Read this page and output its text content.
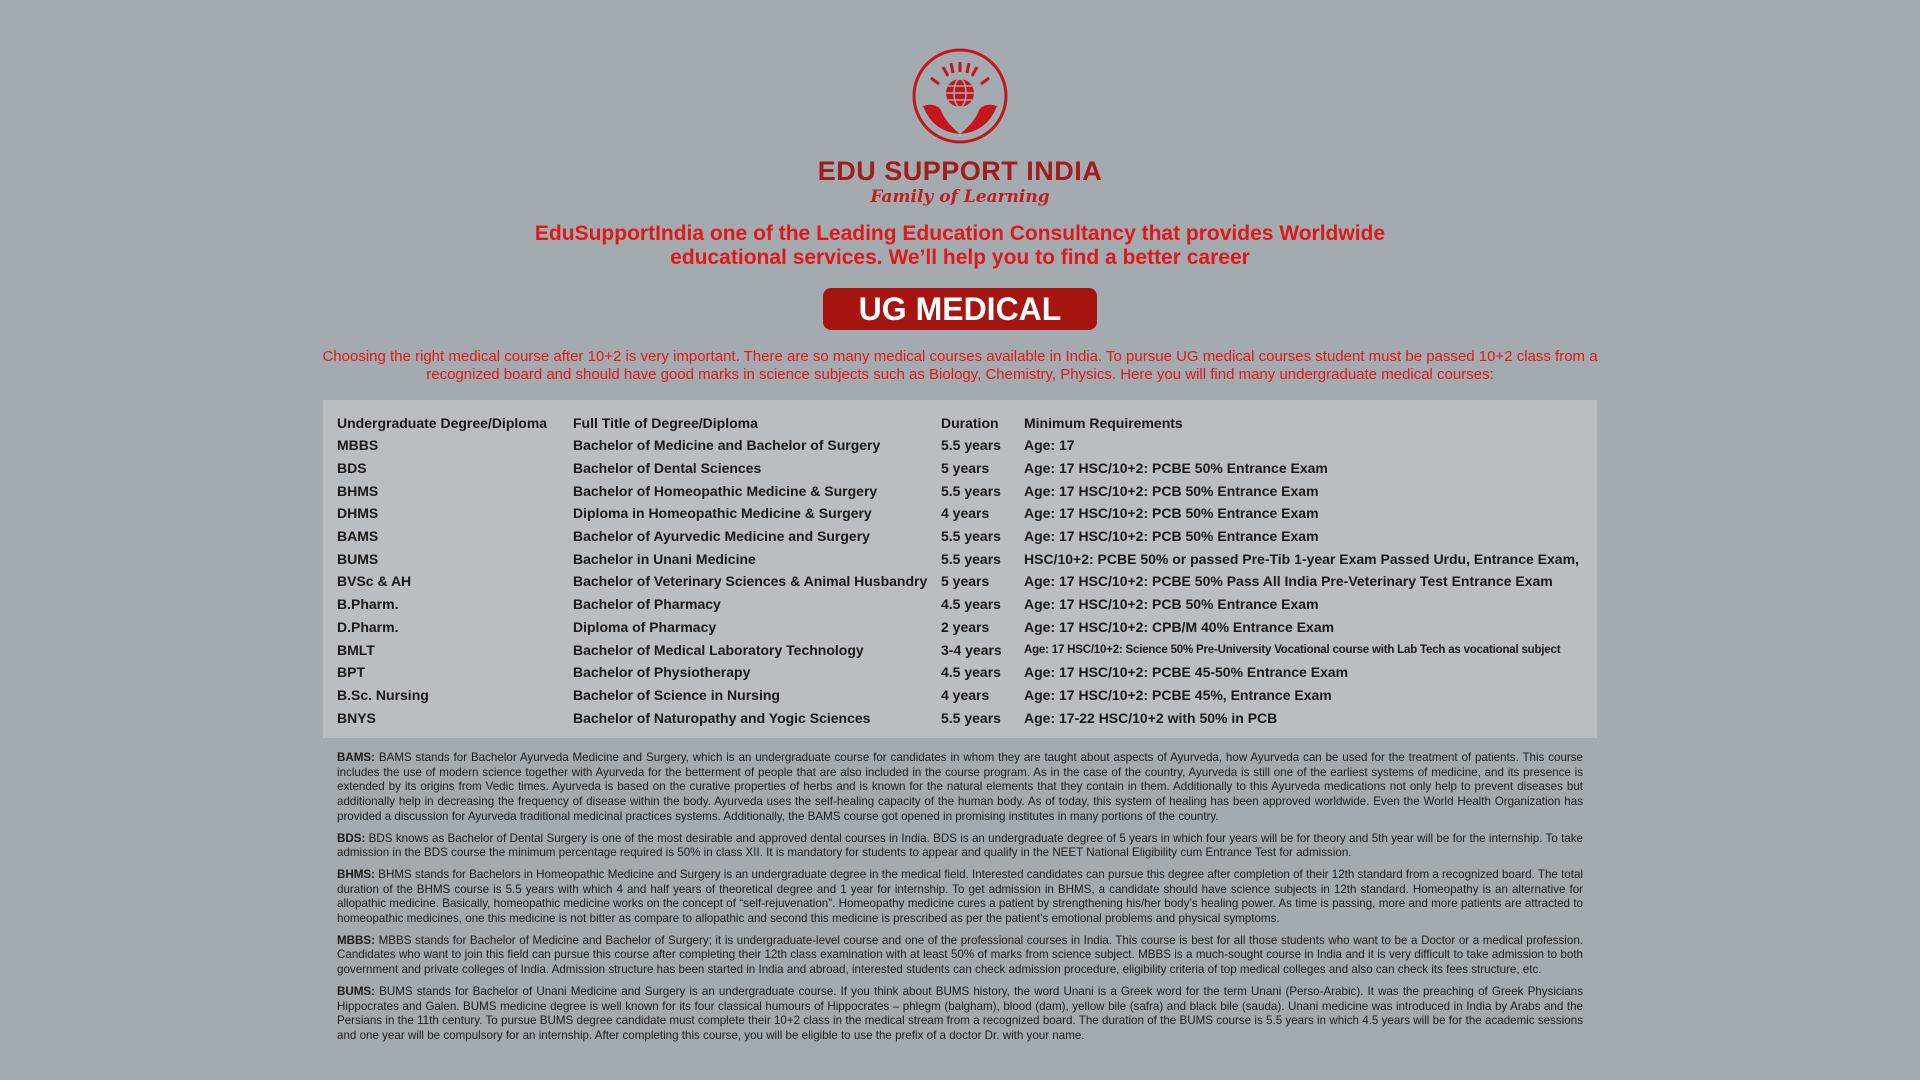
EDU SUPPORT INDIA
Family of Learning
EduSupportIndia one of the Leading Education Consultancy that provides Worldwide
educational services. We’ll help you to find a better career
UG MEDICAL
Choosing the right medical course after 10+2 is very important. There are so many medical courses available in India. To pursue UG medical courses student must be passed 10+2 class from a recognized board and should have good marks in science subjects such as Biology, Chemistry, Physics. Here you will find many undergraduate medical courses:
Undergraduate Degree/Diploma	Full Title of Degree/Diploma	Duration	Minimum Requirements
MBBS	Bachelor of Medicine and Bachelor of Surgery	5.5 years	Age: 17
BDS	Bachelor of Dental Sciences	5 years	Age: 17 HSC/10+2: PCBE 50% Entrance Exam
BHMS	Bachelor of Homeopathic Medicine & Surgery	5.5 years	Age: 17 HSC/10+2: PCB 50% Entrance Exam
DHMS	Diploma in Homeopathic Medicine & Surgery	4 years	Age: 17 HSC/10+2: PCB 50% Entrance Exam
BAMS	Bachelor of Ayurvedic Medicine and Surgery	5.5 years	Age: 17 HSC/10+2: PCB 50% Entrance Exam
BUMS	Bachelor in Unani Medicine	5.5 years	HSC/10+2: PCBE 50% or passed Pre-Tib 1-year Exam Passed Urdu, Entrance Exam,
BVSc & AH	Bachelor of Veterinary Sciences & Animal Husbandry	5 years	Age: 17 HSC/10+2: PCBE 50% Pass All India Pre-Veterinary Test Entrance Exam
B.Pharm.	Bachelor of Pharmacy	4.5 years	Age: 17 HSC/10+2: PCB 50% Entrance Exam
D.Pharm.	Diploma of Pharmacy	2 years	Age: 17 HSC/10+2: CPB/M 40% Entrance Exam
BMLT	Bachelor of Medical Laboratory Technology	3-4 years	Age: 17 HSC/10+2: Science 50% Pre-University Vocational course with Lab Tech as vocational subject
BPT	Bachelor of Physiotherapy	4.5 years	Age: 17 HSC/10+2: PCBE 45-50% Entrance Exam
B.Sc. Nursing	Bachelor of Science in Nursing	4 years	Age: 17 HSC/10+2: PCBE 45%, Entrance Exam
BNYS	Bachelor of Naturopathy and Yogic Sciences	5.5 years	Age: 17-22 HSC/10+2 with 50% in PCB

BAMS: BAMS stands for Bachelor Ayurveda Medicine and Surgery, which is an undergraduate course for candidates in whom they are taught about aspects of Ayurveda, how Ayurveda can be used for the treatment of patients. This course includes the use of modern science together with Ayurveda for the betterment of people that are also included in the course program. As in the case of the country, Ayurveda is still one of the earliest systems of medicine, and its presence is extended by its origins from Vedic times. Ayurveda is based on the curative properties of herbs and is known for the natural elements that they contain in them. Additionally to this Ayurveda medications not only help to prevent diseases but additionally help in decreasing the frequency of disease within the body. Ayurveda uses the self-healing capacity of the human body. As of today, this system of healing has been approved worldwide. Even the World Health Organization has provided a discussion for Ayurveda traditional medicinal practices systems. Additionally, the BAMS course got opened in promising institutes in many portions of the country.

BDS: BDS knows as Bachelor of Dental Surgery is one of the most desirable and approved dental courses in India. BDS is an undergraduate degree of 5 years in which four years will be for theory and 5th year will be for the internship. To take admission in the BDS course the minimum percentage required is 50% in class XII. It is mandatory for students to appear and qualify in the NEET National Eligibility cum Entrance Test for admission.

BHMS: BHMS stands for Bachelors in Homeopathic Medicine and Surgery is an undergraduate degree in the medical field. Interested candidates can pursue this degree after completion of their 12th standard from a recognized board. The total duration of the BHMS course is 5.5 years with which 4 and half years of theoretical degree and 1 year for internship. To get admission in BHMS, a candidate should have science subjects in 12th standard. Homeopathy is an alternative for allopathic medicine. Basically, homeopathic medicine works on the concept of “self-rejuvenation”. Homeopathy medicine cures a patient by strengthening his/her body’s healing power. As time is passing, more and more patients are attracted to homeopathic medicines, one this medicine is not bitter as compare to allopathic and second this medicine is prescribed as per the patient’s emotional problems and physical symptoms.

MBBS: MBBS stands for Bachelor of Medicine and Bachelor of Surgery; it is undergraduate-level course and one of the professional courses in India. This course is best for all those students who want to be a Doctor or a medical profession. Candidates who want to join this field can pursue this course after completing their 12th class examination with at least 50% of marks from science subject. MBBS is a much-sought course in India and it is very difficult to take admission to both government and private colleges of India. Admission structure has been started in India and abroad, interested students can check admission procedure, eligibility criteria of top medical colleges and also can check its fees structure, etc.

BUMS: BUMS stands for Bachelor of Unani Medicine and Surgery is an undergraduate course. If you think about BUMS history, the word Unani is a Greek word for the term Unani (Perso-Arabic). It was the preaching of Greek Physicians Hippocrates and Galen. BUMS medicine degree is well known for its four classical humours of Hippocrates – phlegm (balgham), blood (dam), yellow bile (safra) and black bile (sauda). Unani medicine was introduced in India by Arabs and the Persians in the 11th century. To pursue BUMS degree candidate must complete their 10+2 class in the medical stream from a recognized board. The duration of the BUMS course is 5.5 years in which 4.5 years will be for the academic sessions and one year will be compulsory for an internship. After completing this course, you will be eligible to use the prefix of a doctor Dr. with your name.
